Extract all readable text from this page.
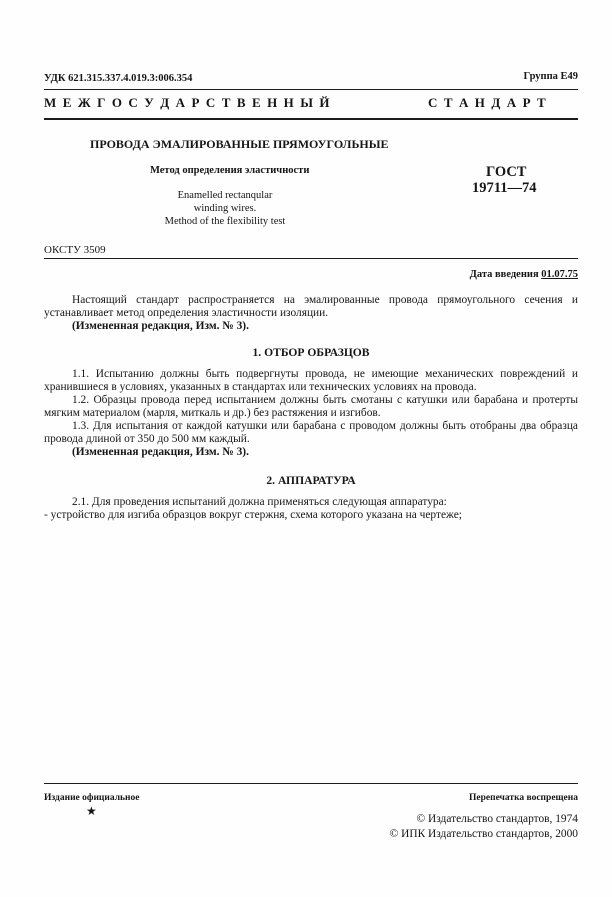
УДК 621.315.337.4.019.3:006.354	Группа Е49
М Е Ж Г О С У Д А Р С Т В Е Н Н Ы Й	С Т А Н Д А Р Т
ПРОВОДА ЭМАЛИРОВАННЫЕ ПРЯМОУГОЛЬНЫЕ
Метод определения эластичности
Enamelled rectanqular
winding wires.
Method of the flexibility test
ГОСТ
19711—74
ОКСТУ 3509
Дата введения 01.07.75

Настоящий стандарт распространяется на эмалированные провода прямоугольного сечения и устанавливает метод определения эластичности изоляции.

(Измененная редакция, Изм. № 3).

1. ОТБОР ОБРАЗЦОВ

1.1. Испытанию должны быть подвергнуты провода, не имеющие механических повреждений и хранившиеся в условиях, указанных в стандартах или технических условиях на провода.

1.2. Образцы провода перед испытанием должны быть смотаны с катушки или барабана и протерты мягким материалом (марля, миткаль и др.) без растяжения и изгибов.

1.3. Для испытания от каждой катушки или барабана с проводом должны быть отобраны два образца провода длиной от 350 до 500 мм каждый.

(Измененная редакция, Изм. № 3).

2. АППАРАТУРА

2.1. Для проведения испытаний должна применяться следующая аппаратура:

- устройство для изгиба образцов вокруг стержня, схема которого указана на чертеже;

Издание официальное
★
Перепечатка воспрещена
© Издательство стандартов, 1974
© ИПК Издательство стандартов, 2000
